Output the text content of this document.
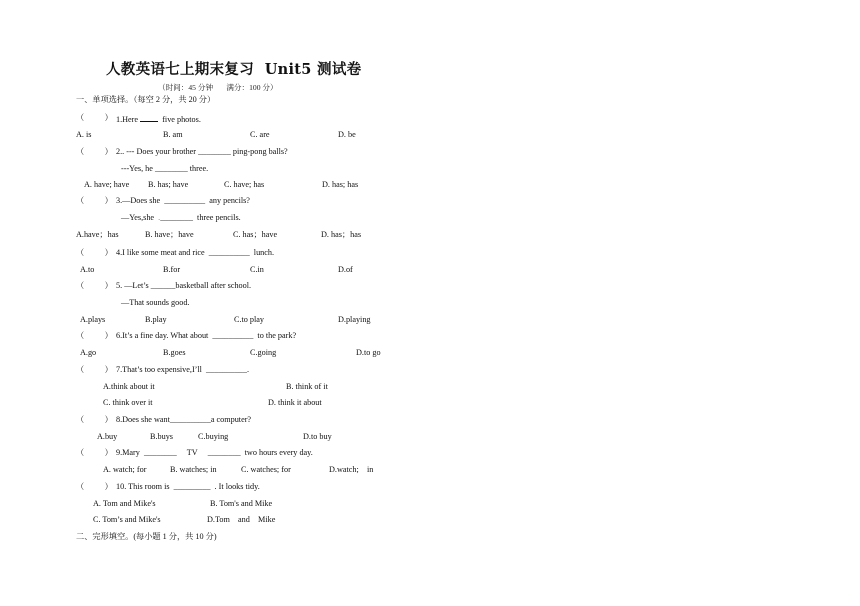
人教英语七上期末复习  Unit5 测试卷
（时间：45 分钟       满分：100 分）
一、单项选择。（每空 2 分，共 20 分）
（          ） 1.Here   five photos.
A. is	B. am	C. are	D. be
（          ） 2.. --- Does your brother ________ ping-pong balls?
---Yes, he ________ three.
A. have; have B. has; have	C. have; has	D. has; has
（          ） 3.—Does she  __________  any pencils?
—Yes,she  .________  three pencils.
A.have；has	B. have；have	C. has；have	D. has；has
（          ） 4.I like some meat and rice  __________  lunch.
A.to	B.for	C.in	D.of
（          ） 5. —Let’s ______basketball after school.
—That sounds good.
A.plays	B.play	C.to play	D.playing
（          ） 6.It’s a fine day. What about  __________  to the park?
A.go	B.goes	C.going	D.to go
（          ） 7.That’s too expensive,I’ll  __________.
A.think about it	B. think of it
C. think over it	D. think it about
（          ） 8.Does she want__________a computer?
A.buy	B.buys	C.buying	D.to buy
（          ） 9.Mary  ________     TV     ________  two hours every day.
A. watch; for	B. watches; in	C. watches; for	D.watch;    in
（          ） 10. This room is  _________  . It looks tidy.
A. Tom and Mike's	B. Tom's and Mike
C. Tom’s and Mike's	D.Tom    and    Mike
二、完形填空。(每小题 1 分，共 10 分)
